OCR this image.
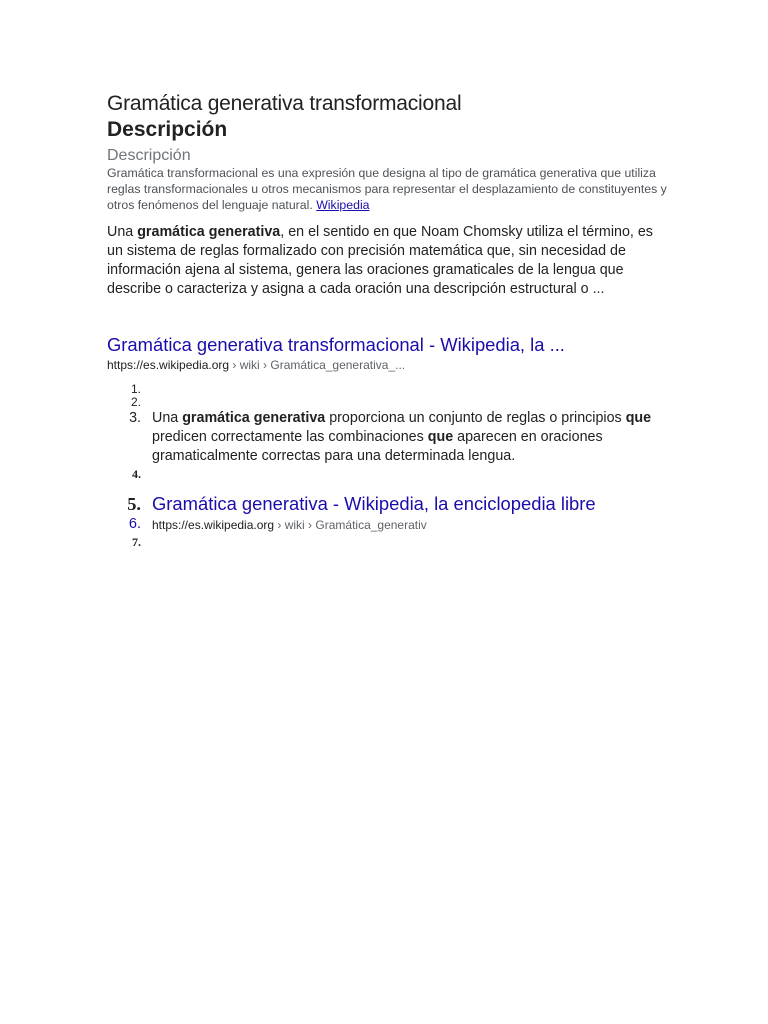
Gramática generativa transformacional
Descripción
Descripción
Gramática transformacional es una expresión que designa al tipo de gramática generativa que utiliza reglas transformacionales u otros mecanismos para representar el desplazamiento de constituyentes y otros fenómenos del lenguaje natural. Wikipedia
Una gramática generativa, en el sentido en que Noam Chomsky utiliza el término, es un sistema de reglas formalizado con precisión matemática que, sin necesidad de información ajena al sistema, genera las oraciones gramaticales de la lengua que describe o caracteriza y asigna a cada oración una descripción estructural o ...
Gramática generativa transformacional - Wikipedia, la ...
https://es.wikipedia.org › wiki › Gramática_generativa_...
1.
2.
3. Una gramática generativa proporciona un conjunto de reglas o principios que predicen correctamente las combinaciones que aparecen en oraciones gramaticalmente correctas para una determinada lengua.
4.
5. Gramática generativa - Wikipedia, la enciclopedia libre
6. https://es.wikipedia.org › wiki › Gramática_generativ
7.
